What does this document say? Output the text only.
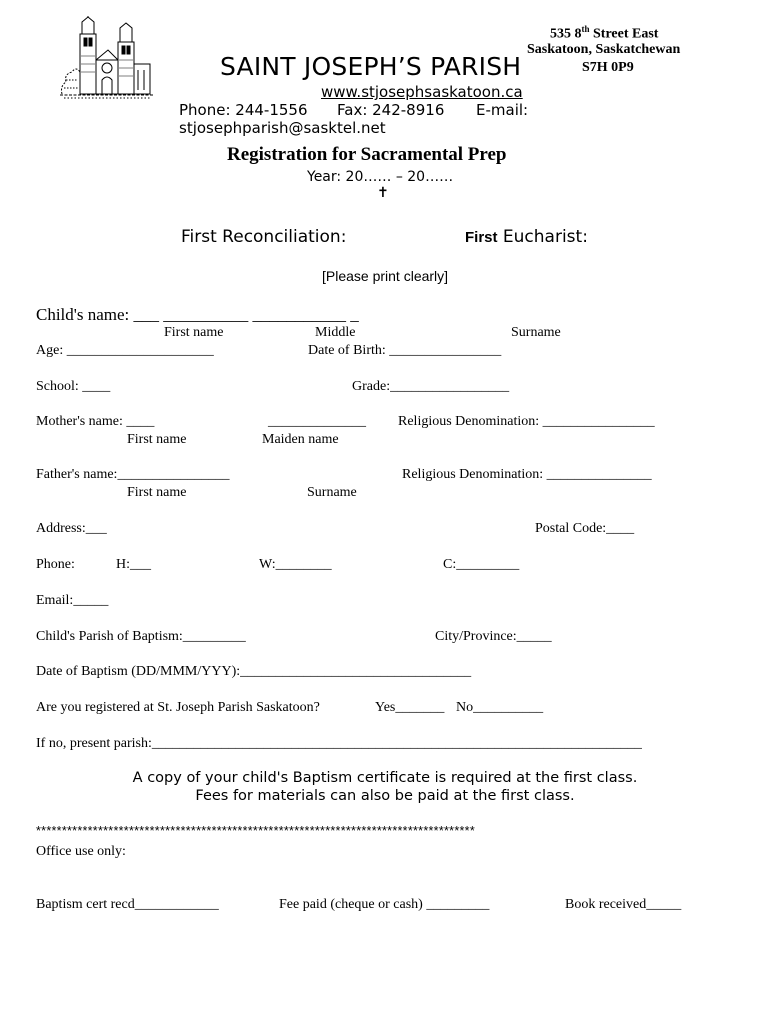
535 8th Street East
Saskatoon, Saskatchewan
S7H 0P9
SAINT JOSEPH’S PARISH
www.stjosephsaskatoon.ca
Phone: 244-1556 Fax: 242-8916 E-mail:
stjosephparish@sasktel.net
Registration for Sacramental Prep
Year: 20…… – 20……
✝
First Reconciliation:	First Eucharist:
[Please print clearly]
Child's name: ___ __________ ___________ _
First name	Middle	Surname
Age: _____________________	Date of Birth: ________________
School: ____	Grade:_________________
Mother's name: ____	______________ Religious Denomination: ________________
First name	Maiden name
Father's name:________________	Religious Denomination: _______________
First name	Surname
Address:___	Postal Code:____
Phone:	H:___	W:________	C:_________
Email:_____
Child's Parish of Baptism:_________	City/Province:_____
Date of Baptism (DD/MMM/YYY):_________________________________
Are you registered at St. Joseph Parish Saskatoon?	Yes_______ No__________
If no, present parish:______________________________________________________________________
A copy of your child's Baptism certificate is required at the first class.
Fees for materials can also be paid at the first class.
*************************************************************************************
Office use only:
Baptism cert recd____________	Fee paid (cheque or cash) _________	Book received_____
